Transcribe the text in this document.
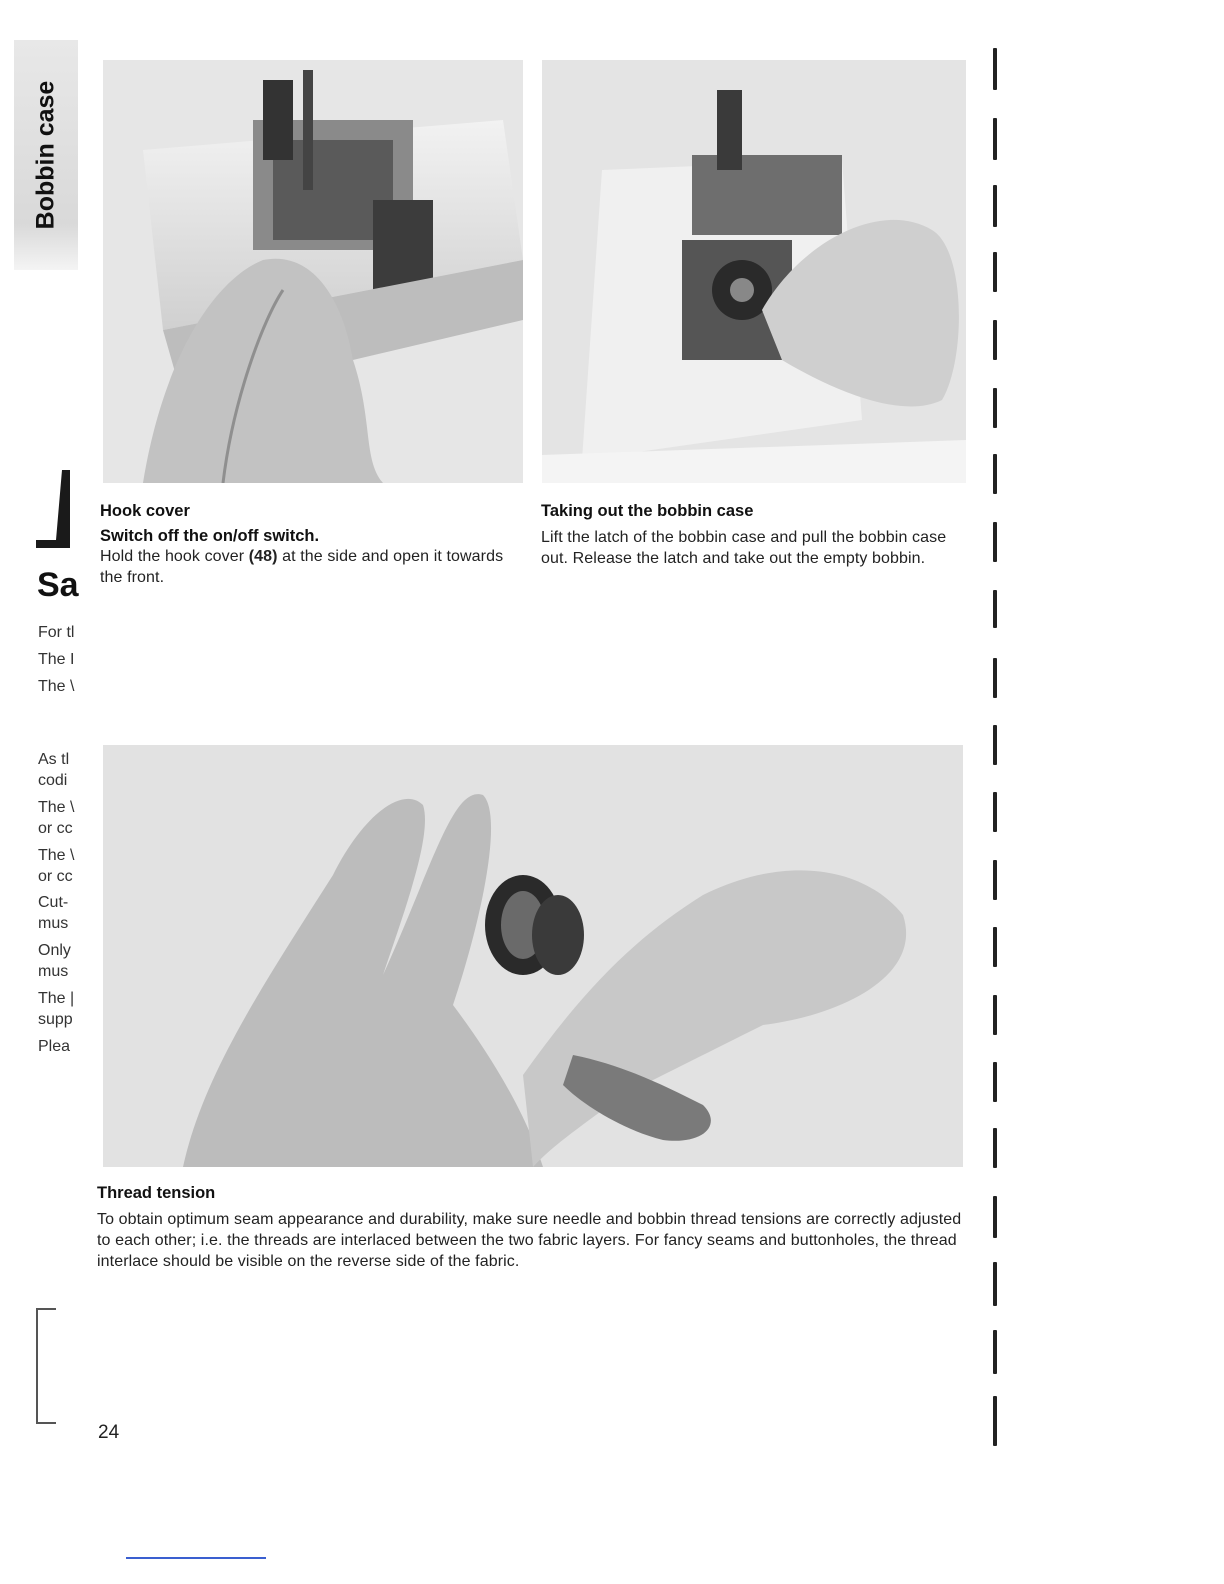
Bobbin case
Hook cover
Switch off the on/off switch.
Hold the hook cover (48) at the side and open it towards the front.
Taking out the bobbin case
Lift the latch of the bobbin case and pull the bobbin case out. Release the latch and take out the empty bobbin.
Thread tension
To obtain optimum seam appearance and durability, make sure needle and bobbin thread tensions are correctly adjusted to each other; i.e. the threads are interlaced between the two fabric layers. For fancy seams and buttonholes, the thread interlace should be visible on the reverse side of the fabric.
Sa
For tl
The I
The \
As tl
codi
The \
or cc
The \
or cc
Cut-
mus
Only
mus
The |
supp
Plea
24
